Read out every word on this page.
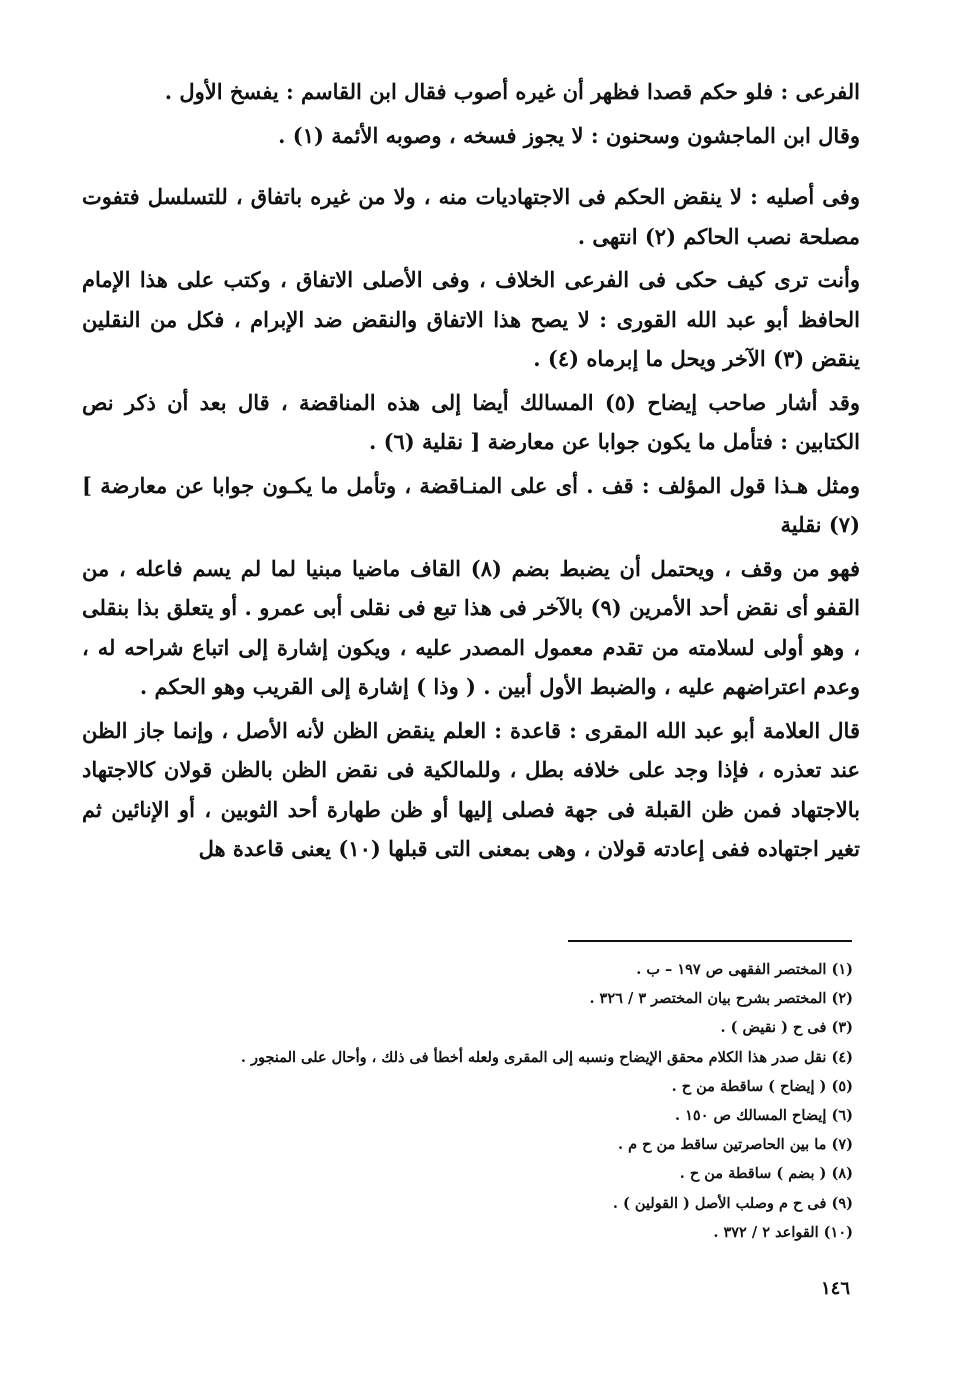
الفرعى : فلو حكم قصدا فظهر أن غيره أصوب فقال ابن القاسم : يفسخ الأول .

وقال ابن الماجشون وسحنون : لا يجوز فسخه ، وصوبه الأئمة (١) .

وفى أصليه : لا ينقض الحكم فى الاجتهاديات منه ، ولا من غيره باتفاق ، للتسلسل فتفوت مصلحة نصب الحاكم (٢) انتهى .

وأنت ترى كيف حكى فى الفرعى الخلاف ، وفى الأصلى الاتفاق ، وكتب على هذا الإمام الحافظ أبو عبد الله القورى : لا يصح هذا الاتفاق والنقض ضد الإبرام ، فكل من النقلين ينقض (٣) الآخر ويحل ما إبرماه (٤) .

وقد أشار صاحب إيضاح (٥) المسالك أيضا إلى هذه المناقضة ، قال بعد أن ذكر نص الكتابين : فتأمل ما يكون جوابا عن معارضة [ نقلية (٦) .

ومثل هـذا قول المؤلف : قف . أى على المنـاقضة ، وتأمل ما يكـون جوابا عن معارضة ] (٧) نقلية

فهو من وقف ، ويحتمل أن يضبط بضم (٨) القاف ماضيا مبنيا لما لم يسم فاعله ، من القفو أى نقض أحد الأمرين (٩) بالآخر فى هذا تبع فى نقلى أبى عمرو . أو يتعلق بذا بنقلى ، وهو أولى لسلامته من تقدم معمول المصدر عليه ، ويكون إشارة إلى اتباع شراحه له ، وعدم اعتراضهم عليه ، والضبط الأول أبين . ( وذا ) إشارة إلى القريب وهو الحكم .

قال العلامة أبو عبد الله المقرى : قاعدة : العلم ينقض الظن لأنه الأصل ، وإنما جاز الظن عند تعذره ، فإذا وجد على خلافه بطل ، وللمالكية فى نقض الظن بالظن قولان كالاجتهاد بالاجتهاد فمن ظن القبلة فى جهة فصلى إليها أو ظن طهارة أحد الثوبين ، أو الإنائين ثم تغير اجتهاده ففى إعادته قولان ، وهى بمعنى التى قبلها (١٠) يعنى قاعدة هل

(١) المختصر الفقهى ص ١٩٧ – ب .
(٢) المختصر بشرح بيان المختصر ٣ / ٣٢٦ .
(٣) فى ح ( نقيض ) .
(٤) نقل صدر هذا الكلام محقق الإيضاح ونسبه إلى المقرى ولعله أخطأ فى ذلك ، وأحال على المنجور .
(٥) ( إيضاح ) ساقطة من ح .
(٦) إيضاح المسالك ص ١٥٠ .
(٧) ما بين الحاصرتين ساقط من ح م .
(٨) ( بضم ) ساقطة من ح .
(٩) فى ح م وصلب الأصل ( القولين ) .
(١٠) القواعد ٢ / ٣٧٢ .
١٤٦
